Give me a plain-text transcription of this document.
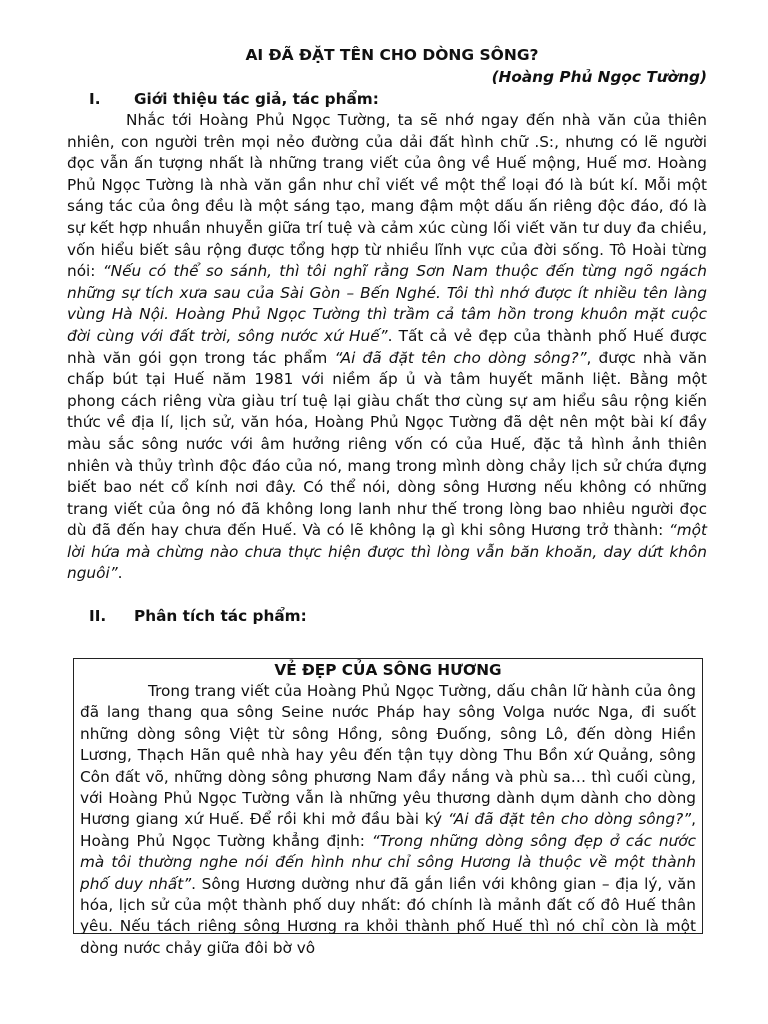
AI ĐÃ ĐẶT TÊN CHO DÒNG SÔNG?

(Hoàng Phủ Ngọc Tường)

I.	Giới thiệu tác giả, tác phẩm:

Nhắc tới Hoàng Phủ Ngọc Tường, ta sẽ nhớ ngay đến nhà văn của thiên nhiên, con người trên mọi nẻo đường của dải đất hình chữ .S:, nhưng có lẽ người đọc vẫn ấn tượng nhất là những trang viết của ông về Huế mộng, Huế mơ. Hoàng Phủ Ngọc Tường là nhà văn gần như chỉ viết về một thể loại đó là bút kí. Mỗi một sáng tác của ông đều là một sáng tạo, mang đậm một dấu ấn riêng độc đáo, đó là sự kết hợp nhuần nhuyễn giữa trí tuệ và cảm xúc cùng lối viết văn tư duy đa chiều, vốn hiểu biết sâu rộng được tổng hợp từ nhiều lĩnh vực của đời sống. Tô Hoài từng nói: “Nếu có thể so sánh, thì tôi nghĩ rằng Sơn Nam thuộc đến từng ngõ ngách những sự tích xưa sau của Sài Gòn – Bến Nghé. Tôi thì nhớ được ít nhiều tên làng vùng Hà Nội. Hoàng Phủ Ngọc Tường thì trầm cả tâm hồn trong khuôn mặt cuộc đời cùng với đất trời, sông nước xứ Huế”. Tất cả vẻ đẹp của thành phố Huế được nhà văn gói gọn trong tác phẩm “Ai đã đặt tên cho dòng sông?”, được nhà văn chấp bút tại Huế năm 1981 với niềm ấp ủ và tâm huyết mãnh liệt. Bằng một phong cách riêng vừa giàu trí tuệ lại giàu chất thơ cùng sự am hiểu sâu rộng kiến thức về địa lí, lịch sử, văn hóa, Hoàng Phủ Ngọc Tường đã dệt nên một bài kí đầy màu sắc sông nước với âm hưởng riêng vốn có của Huế, đặc tả hình ảnh thiên nhiên và thủy trình độc đáo của nó, mang trong mình dòng chảy lịch sử chứa đựng biết bao nét cổ kính nơi đây. Có thể nói, dòng sông Hương nếu không có những trang viết của ông nó đã không long lanh như thế trong lòng bao nhiêu người đọc dù đã đến hay chưa đến Huế. Và có lẽ không lạ gì khi sông Hương trở thành: “một lời hứa mà chừng nào chưa thực hiện được thì lòng vẫn băn khoăn, day dứt khôn nguôi”.

II.	Phân tích tác phẩm:

VẺ ĐẸP CỦA SÔNG HƯƠNG

Trong trang viết của Hoàng Phủ Ngọc Tường, dấu chân lữ hành của ông đã lang thang qua sông Seine nước Pháp hay sông Volga nước Nga, đi suốt những dòng sông Việt từ sông Hồng, sông Đuống, sông Lô, đến dòng Hiền Lương, Thạch Hãn quê nhà hay yêu đến tận tụy dòng Thu Bồn xứ Quảng, sông Côn đất võ, những dòng sông phương Nam đầy nắng và phù sa… thì cuối cùng, với Hoàng Phủ Ngọc Tường vẫn là những yêu thương dành dụm dành cho dòng Hương giang xứ Huế. Để rồi khi mở đầu bài ký “Ai đã đặt tên cho dòng sông?”, Hoàng Phủ Ngọc Tường khẳng định: “Trong những dòng sông đẹp ở các nước mà tôi thường nghe nói đến hình như chỉ sông Hương là thuộc về một thành phố duy nhất”. Sông Hương dường như đã gắn liền với không gian – địa lý, văn hóa, lịch sử của một thành phố duy nhất: đó chính là mảnh đất cố đô Huế thân yêu. Nếu tách riêng sông Hương ra khỏi thành phố Huế thì nó chỉ còn là một dòng nước chảy giữa đôi bờ vô
